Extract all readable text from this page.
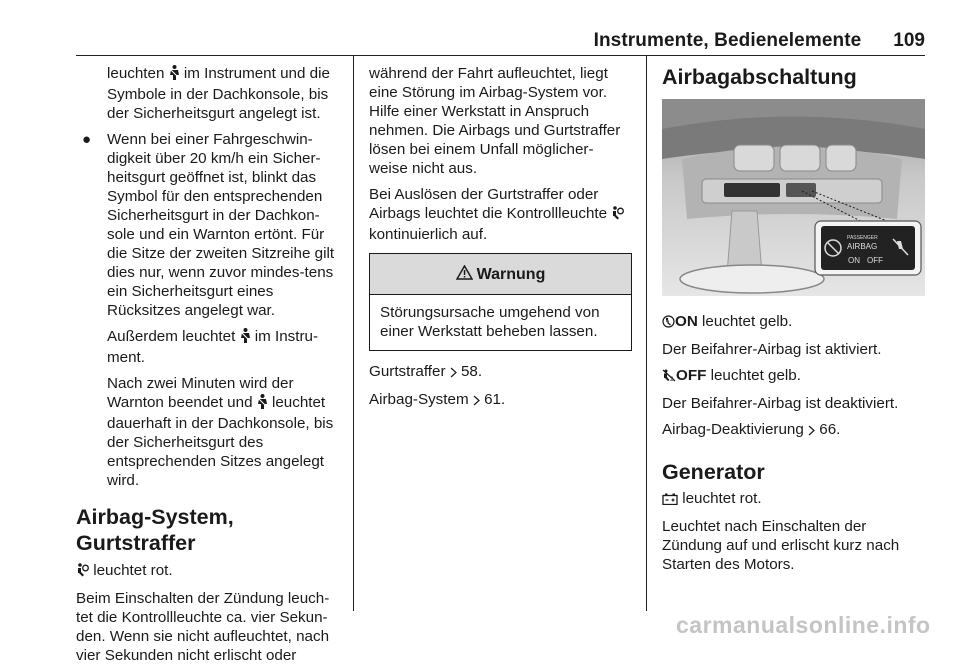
Instrumente, Bedienelemente 109

leuchten  im Instrument und die Symbole in der Dachkonsole, bis der Sicherheitsgurt angelegt ist.

● Wenn bei einer Fahrgeschwin-digkeit über 20 km/h ein Sicher-heitsgurt geöffnet ist, blinkt das Symbol für den entsprechenden Sicherheitsgurt in der Dachkon-sole und ein Warnton ertönt. Für die Sitze der zweiten Sitzreihe gilt dies nur, wenn zuvor mindes-tens ein Sicherheitsgurt eines Rücksitzes angelegt war.

Außerdem leuchtet  im Instru-ment.

Nach zwei Minuten wird der Warnton beendet und  leuchtet dauerhaft in der Dachkonsole, bis der Sicherheitsgurt des entsprechenden Sitzes angelegt wird.

Airbag-System, Gurtstraffer

leuchtet rot.

Beim Einschalten der Zündung leuch-tet die Kontrollleuchte ca. vier Sekun-den. Wenn sie nicht aufleuchtet, nach vier Sekunden nicht erlischt oder

während der Fahrt aufleuchtet, liegt eine Störung im Airbag-System vor. Hilfe einer Werkstatt in Anspruch nehmen. Die Airbags und Gurtstraffer lösen bei einem Unfall möglicher-weise nicht aus.

Bei Auslösen der Gurtstraffer oder Airbags leuchtet die Kontrollleuchte  kontinuierlich auf.

Warnung
Störungsursache umgehend von einer Werkstatt beheben lassen.

Gurtstraffer  58.

Airbag-System  61.

Airbagabschaltung
PASSENGER
AIRBAG
ON OFF

ON leuchtet gelb.

Der Beifahrer-Airbag ist aktiviert.

2 OFF leuchtet gelb.

Der Beifahrer-Airbag ist deaktiviert.

Airbag-Deaktivierung  66.

Generator

leuchtet rot.

Leuchtet nach Einschalten der Zündung auf und erlischt kurz nach Starten des Motors.

carmanualsonline.info
